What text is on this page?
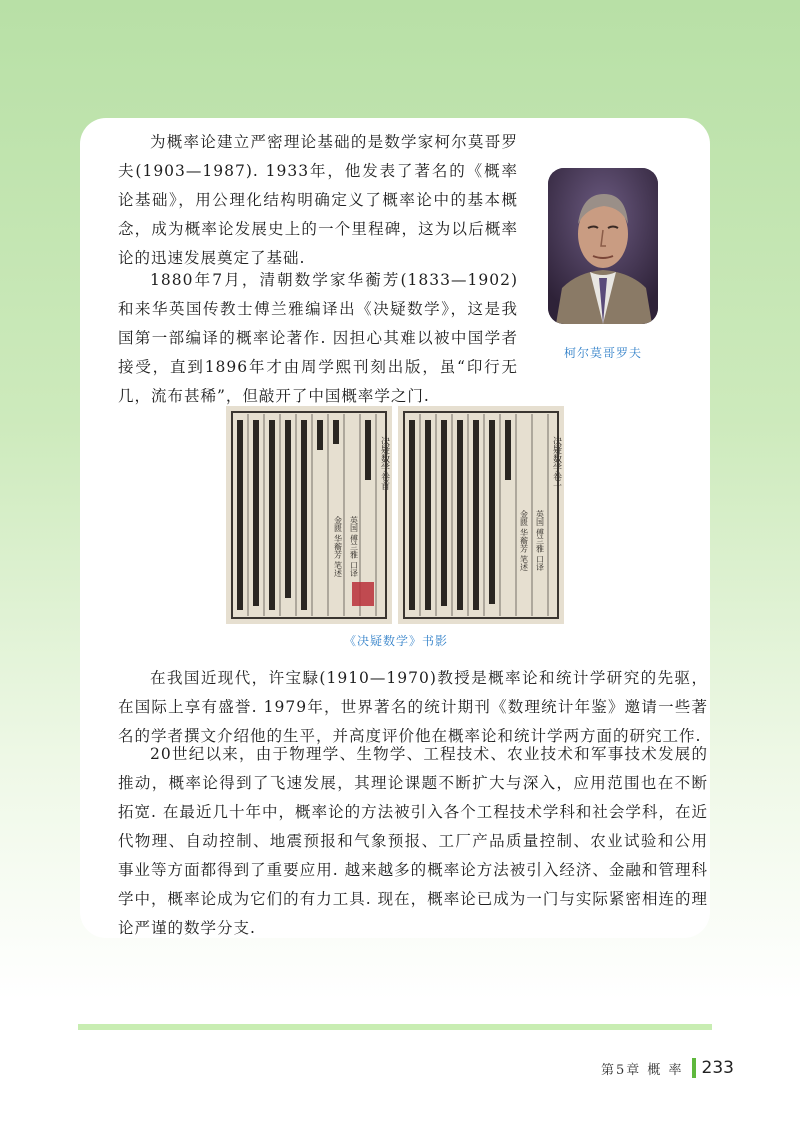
为概率论建立严密理论基础的是数学家柯尔莫哥罗夫(1903—1987). 1933年，他发表了著名的《概率论基础》，用公理化结构明确定义了概率论中的基本概念，成为概率论发展史上的一个里程碑，这为以后概率论的迅速发展奠定了基础.

1880年7月，清朝数学家华蘅芳(1833—1902)和来华英国传教士傅兰雅编译出《决疑数学》，这是我国第一部编译的概率论著作. 因担心其难以被中国学者接受，直到1896年才由周学熙刊刻出版，虽“印行无几，流布甚稀”，但敲开了中国概率学之门.

柯尔莫哥罗夫
决疑数学卷首
英国 傅兰雅 口译
金匮 华蘅芳 笔述
决疑数学卷一
英国 傅兰雅 口译
金匮 华蘅芳 笔述
《决疑数学》书影

在我国近现代，许宝騄(1910—1970)教授是概率论和统计学研究的先驱，在国际上享有盛誉. 1979年，世界著名的统计期刊《数理统计年鉴》邀请一些著名的学者撰文介绍他的生平，并高度评价他在概率论和统计学两方面的研究工作.

20世纪以来，由于物理学、生物学、工程技术、农业技术和军事技术发展的推动，概率论得到了飞速发展，其理论课题不断扩大与深入，应用范围也在不断拓宽. 在最近几十年中，概率论的方法被引入各个工程技术学科和社会学科，在近代物理、自动控制、地震预报和气象预报、工厂产品质量控制、农业试验和公用事业等方面都得到了重要应用. 越来越多的概率论方法被引入经济、金融和管理科学中，概率论成为它们的有力工具. 现在，概率论已成为一门与实际紧密相连的理论严谨的数学分支.

第5章 概 率 233
